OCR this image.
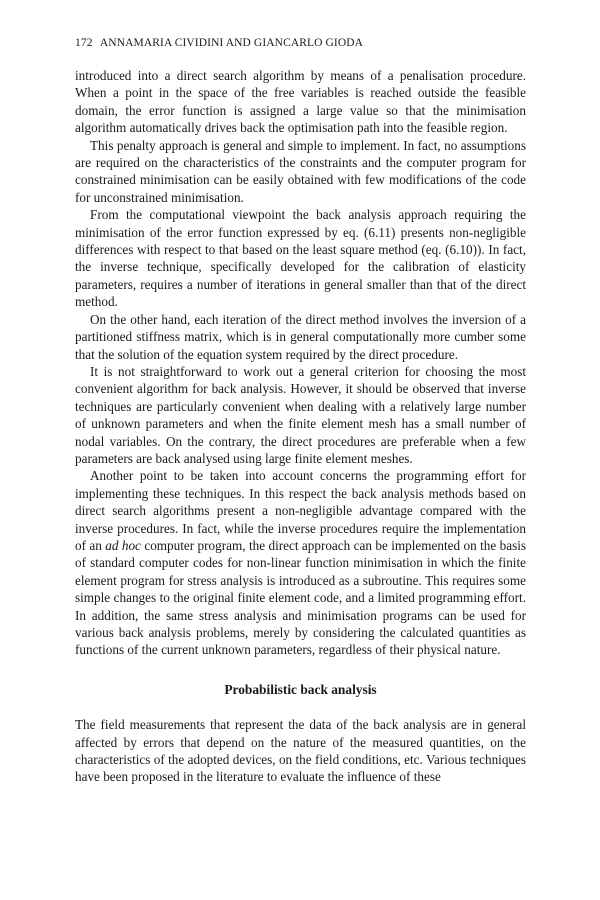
172 ANNAMARIA CIVIDINI AND GIANCARLO GIODA

introduced into a direct search algorithm by means of a penalisation procedure. When a point in the space of the free variables is reached outside the feasible domain, the error function is assigned a large value so that the minimisation algorithm automatically drives back the optimisation path into the feasible region.

This penalty approach is general and simple to implement. In fact, no assumptions are required on the characteristics of the constraints and the computer program for constrained minimisation can be easily obtained with few modifications of the code for unconstrained minimisation.

From the computational viewpoint the back analysis approach requiring the minimisation of the error function expressed by eq. (6.11) presents non-negligible differences with respect to that based on the least square method (eq. (6.10)). In fact, the inverse technique, specifically developed for the calibration of elasticity parameters, requires a number of iterations in general smaller than that of the direct method.

On the other hand, each iteration of the direct method involves the inversion of a partitioned stiffness matrix, which is in general computationally more cumber some that the solution of the equation system required by the direct procedure.

It is not straightforward to work out a general criterion for choosing the most convenient algorithm for back analysis. However, it should be observed that inverse techniques are particularly convenient when dealing with a relatively large number of unknown parameters and when the finite element mesh has a small number of nodal variables. On the contrary, the direct procedures are preferable when a few parameters are back analysed using large finite element meshes.

Another point to be taken into account concerns the programming effort for implementing these techniques. In this respect the back analysis methods based on direct search algorithms present a non-negligible advantage compared with the inverse procedures. In fact, while the inverse procedures require the implementation of an ad hoc computer program, the direct approach can be implemented on the basis of standard computer codes for non-linear function minimisation in which the finite element program for stress analysis is introduced as a subroutine. This requires some simple changes to the original finite element code, and a limited programming effort. In addition, the same stress analysis and minimisation programs can be used for various back analysis problems, merely by considering the calculated quantities as functions of the current unknown parameters, regardless of their physical nature.

Probabilistic back analysis

The field measurements that represent the data of the back analysis are in general affected by errors that depend on the nature of the measured quantities, on the characteristics of the adopted devices, on the field conditions, etc. Various techniques have been proposed in the literature to evaluate the influence of these
